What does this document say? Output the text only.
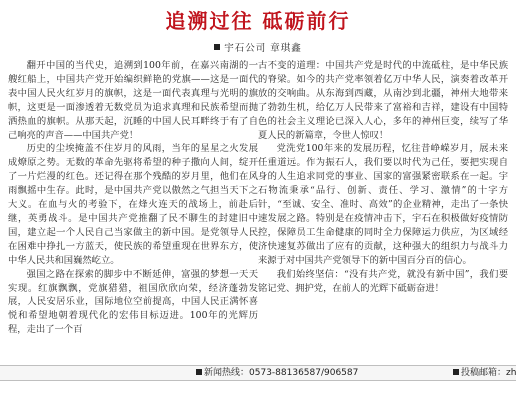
追溯过往 砥砺前行
宇石公司 章琪鑫

翻开中国的当代史，追溯到100年前，在嘉兴南湖的一艘红船上，中国共产党开始编织鲜艳的党旗——这是一面代表中国人民火红岁月的旗帜，这是一面代表真理与光明的旗帜，这更是一面渗透着无数党员为追求真理和民族希望而抛洒热血的旗帜。从那天起，沉睡的中国人民耳畔终于有了自己响亮的声音——中国共产党！

历史的尘埃掩盖不住岁月的风雨，当年的星星之火发展成燎原之势。无数的革命先驱将希望的种子撒向人间，绽开了一片烂漫的红色。还记得在那个残酷的岁月里，他们在风雨飘摇中生存。此时，是中国共产党以傲然之气担当天下之大义。在血与火的考验下，在烽火连天的战场上，前赴后继，英勇战斗。是中国共产党推翻了民不聊生的封建旧中国，建立起一个人民自己当家做主的新中国。是党领导人民在困难中挣扎一方蓝天，使民族的希望重现在世界东方，使中华人民共和国巍然屹立。

强国之路在探索的脚步中不断延伸，富强的梦想一天天实现。红旗飘飘，党旗猎猎，祖国欣欣向荣，经济蓬勃发展，人民安居乐业，国际地位空前提高，中国人民正满怀喜悦和希望地朝着现代化的宏伟目标迈进。100年的光辉历程，走出了一个百

古不变的道理：中国共产党是时代的中流砥柱，是中华民族的脊梁。如今的共产党率领着亿万中华人民，演奏着改革开放的交响曲。从东海到西藏，从南沙到北疆，神州大地带来了勃勃生机，给亿万人民带来了富裕和吉祥，建设有中国特色的社会主义理论已深入人心，多年的神州巨变，续写了华夏人民的新篇章，令世人惊叹！

党洗党100年来的发展历程，忆往昔峥嵘岁月，展未来任重道远。作为振石人，我们要以时代为己任，要把实现自身的人生追求同党的事业、国家的富强紧密联系在一起。宇石物流秉承“品行、创新、责任、学习、激情”的十字方针，“至诚、安全、准时、高效”的企业精神，走出了一条快速发展之路。特别是在疫情冲击下，宇石在积极做好疫情防控，保障员工生命健康的同时全力保障运力供应，为区域经济快速复苏做出了应有的贡献，这种强大的组织力与战斗力来源于对中国共产党领导下的新中国百分百的信心。

我们始终坚信：“没有共产党，就没有新中国”，我们要铭记党、拥护党，在前人的光辉下砥砺奋进！

新闻热线：0573-88136587/906587	投稿邮箱：zh
